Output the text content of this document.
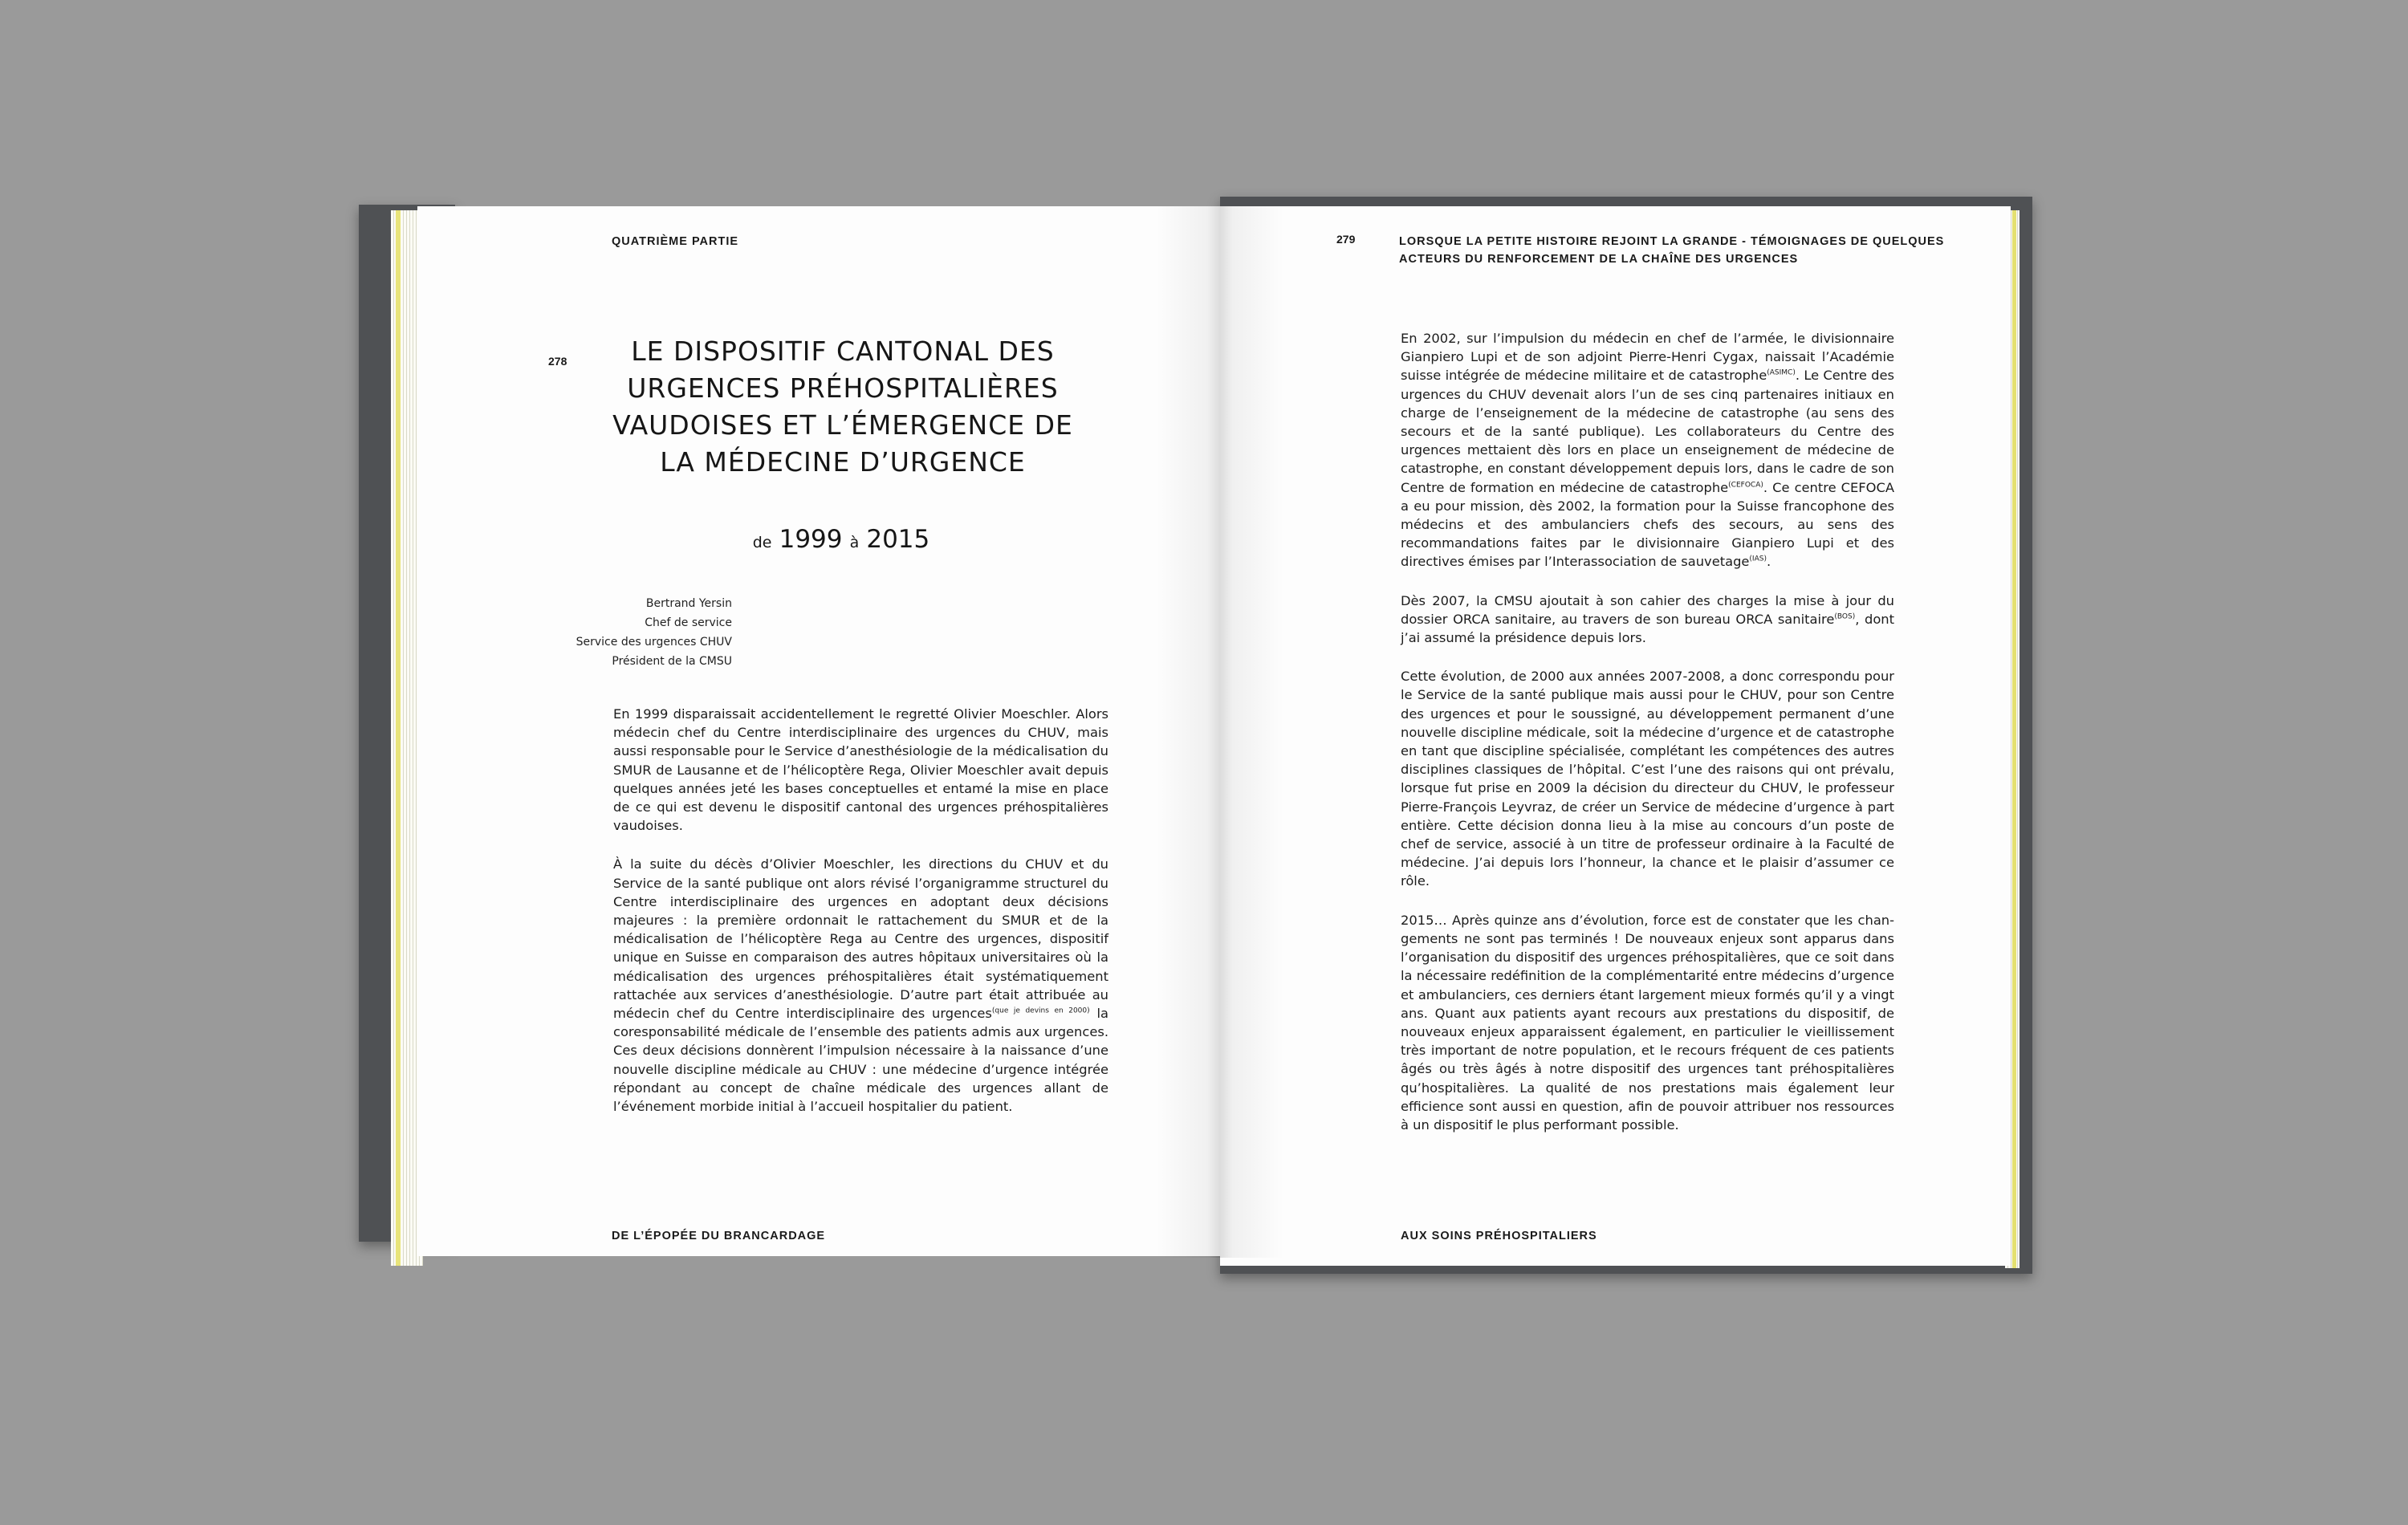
QUATRIÈME PARTIE
278	LE DISPOSITIF CANTONAL DES URGENCES PRÉHOSPITALIÈRES VAUDOISES ET L’ÉMERGENCE DE LA MÉDECINE D’URGENCE
de 1999 à 2015
Bertrand Yersin
Chef de service
Service des urgences CHUV
Président de la CMSU

En 1999 disparaissait accidentellement le regretté Olivier Moeschler. Alors médecin chef du Centre interdisciplinaire des urgences du CHUV, mais aussi responsable pour le Service d’anesthésiologie de la médicalisation du SMUR de Lausanne et de l’hélicoptère Rega, Olivier Moeschler avait depuis quelques années jeté les bases conceptuelles et entamé la mise en place de ce qui est devenu le dispositif cantonal des urgences préhospitalières vaudoises.

À la suite du décès d’Olivier Moeschler, les directions du CHUV et du Service de la santé publique ont alors révisé l’organigramme structurel du Centre interdisciplinaire des urgences en adoptant deux décisions majeures : la première ordonnait le rattachement du SMUR et de la médicalisation de l’hélicoptère Rega au Centre des urgences, dispositif unique en Suisse en comparaison des autres hôpitaux universitaires où la médicalisation des urgences préhospitalières était systématiquement rattachée aux services d’anesthésiologie. D’autre part était attribuée au médecin chef du Centre interdisciplinaire des urgences$^{(que je devins en 2000)}$ la coresponsabilité médicale de l’ensemble des patients admis aux urgences. Ces deux décisions donnèrent l’impulsion nécessaire à la naissance d’une nouvelle discipline médicale au CHUV : une médecine d’urgence intégrée répondant au concept de chaîne médicale des urgences allant de l’événement morbide initial à l’accueil hospitalier du patient.

DE L’ÉPOPÉE DU BRANCARDAGE
279	LORSQUE LA PETITE HISTOIRE REJOINT LA GRANDE - TÉMOIGNAGES DE QUELQUES
ACTEURS DU RENFORCEMENT DE LA CHAÎNE DES URGENCES

En 2002, sur l’impulsion du médecin en chef de l’armée, le divisionnaire Gianpiero Lupi et de son adjoint Pierre-Henri Cygax, naissait l’Académie suisse intégrée de médecine militaire et de catastrophe$^{(ASIMC)}$. Le Centre des urgences du CHUV devenait alors l’un de ses cinq partenaires initiaux en charge de l’enseignement de la médecine de catastrophe (au sens des secours et de la santé publique). Les collaborateurs du Centre des urgences mettaient dès lors en place un enseignement de médecine de catastrophe, en constant développement depuis lors, dans le cadre de son Centre de formation en médecine de catastrophe$^{(CEFOCA)}$. Ce centre CEFOCA a eu pour mission, dès 2002, la formation pour la Suisse francophone des médecins et des ambulanciers chefs des secours, au sens des recommandations faites par le divisionnaire Gianpiero Lupi et des directives émises par l’Interassociation de sauvetage$^{(IAS)}$.

Dès 2007, la CMSU ajoutait à son cahier des charges la mise à jour du dossier ORCA sanitaire, au travers de son bureau ORCA sanitaire$^{(BOS)}$, dont j’ai assumé la présidence depuis lors.

Cette évolution, de 2000 aux années 2007-2008, a donc correspondu pour le Service de la santé publique mais aussi pour le CHUV, pour son Centre des urgences et pour le soussigné, au développement permanent d’une nouvelle discipline médicale, soit la médecine d’urgence et de catastrophe en tant que discipline spécialisée, complétant les compétences des autres disciplines classiques de l’hôpital. C’est l’une des raisons qui ont prévalu, lorsque fut prise en 2009 la décision du directeur du CHUV, le professeur Pierre-François Leyvraz, de créer un Service de médecine d’urgence à part entière. Cette décision donna lieu à la mise au concours d’un poste de chef de service, associé à un titre de professeur ordinaire à la Faculté de médecine. J’ai depuis lors l’honneur, la chance et le plaisir d’assumer ce rôle.

2015… Après quinze ans d’évolution, force est de constater que les changements ne sont pas terminés ! De nouveaux enjeux sont apparus dans l’organisation du dispositif des urgences préhospitalières, que ce soit dans la nécessaire redéfinition de la complémentarité entre médecins d’urgence et ambulanciers, ces derniers étant largement mieux formés qu’il y a vingt ans. Quant aux patients ayant recours aux prestations du dispositif, de nouveaux enjeux apparaissent également, en particulier le vieillissement très important de notre population, et le recours fréquent de ces patients âgés ou très âgés à notre dispositif des urgences tant préhospitalières qu’hospitalières. La qualité de nos prestations mais également leur efficience sont aussi en question, afin de pouvoir attribuer nos ressources à un dispositif le plus performant possible.

AUX SOINS PRÉHOSPITALIERS
